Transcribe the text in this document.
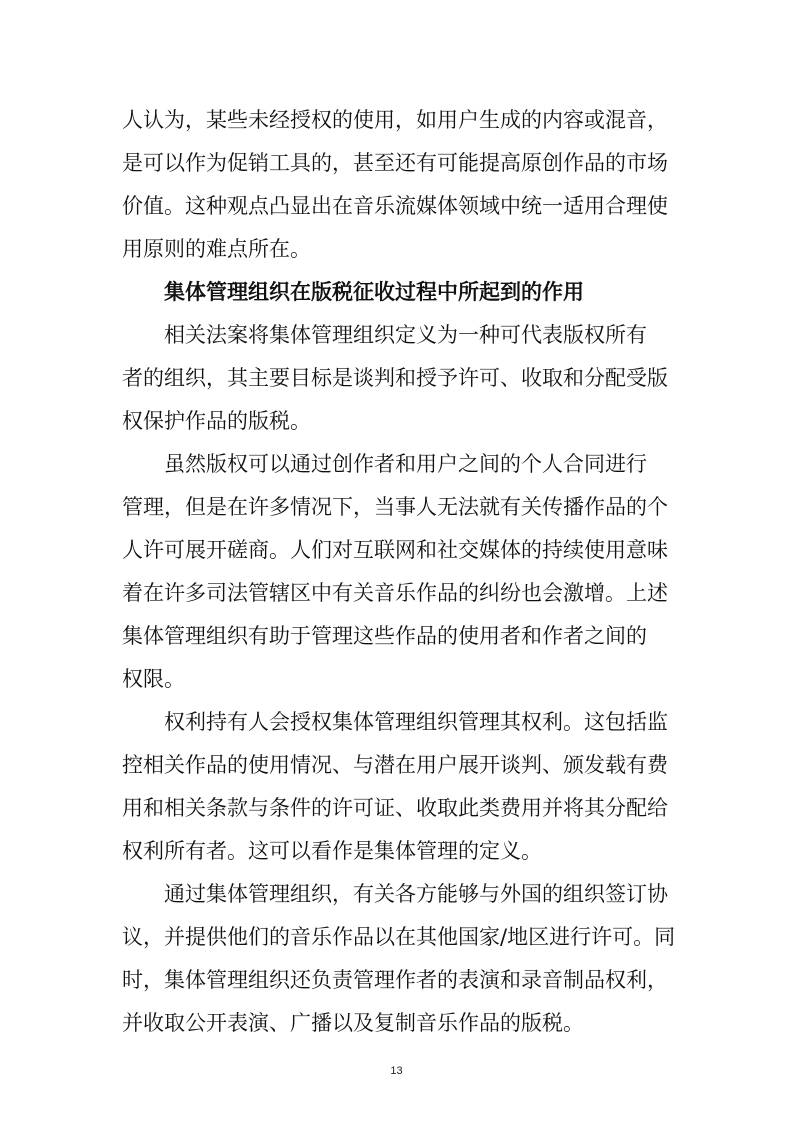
人认为，某些未经授权的使用，如用户生成的内容或混音，

是可以作为促销工具的，甚至还有可能提高原创作品的市场

价值。这种观点凸显出在音乐流媒体领域中统一适用合理使

用原则的难点所在。

集体管理组织在版税征收过程中所起到的作用

相关法案将集体管理组织定义为一种可代表版权所有

者的组织，其主要目标是谈判和授予许可、收取和分配受版

权保护作品的版税。

虽然版权可以通过创作者和用户之间的个人合同进行

管理，但是在许多情况下，当事人无法就有关传播作品的个

人许可展开磋商。人们对互联网和社交媒体的持续使用意味

着在许多司法管辖区中有关音乐作品的纠纷也会激增。上述

集体管理组织有助于管理这些作品的使用者和作者之间的

权限。

权利持有人会授权集体管理组织管理其权利。这包括监

控相关作品的使用情况、与潜在用户展开谈判、颁发载有费

用和相关条款与条件的许可证、收取此类费用并将其分配给

权利所有者。这可以看作是集体管理的定义。

通过集体管理组织，有关各方能够与外国的组织签订协

议，并提供他们的音乐作品以在其他国家/地区进行许可。同

时，集体管理组织还负责管理作者的表演和录音制品权利，

并收取公开表演、广播以及复制音乐作品的版税。

13
